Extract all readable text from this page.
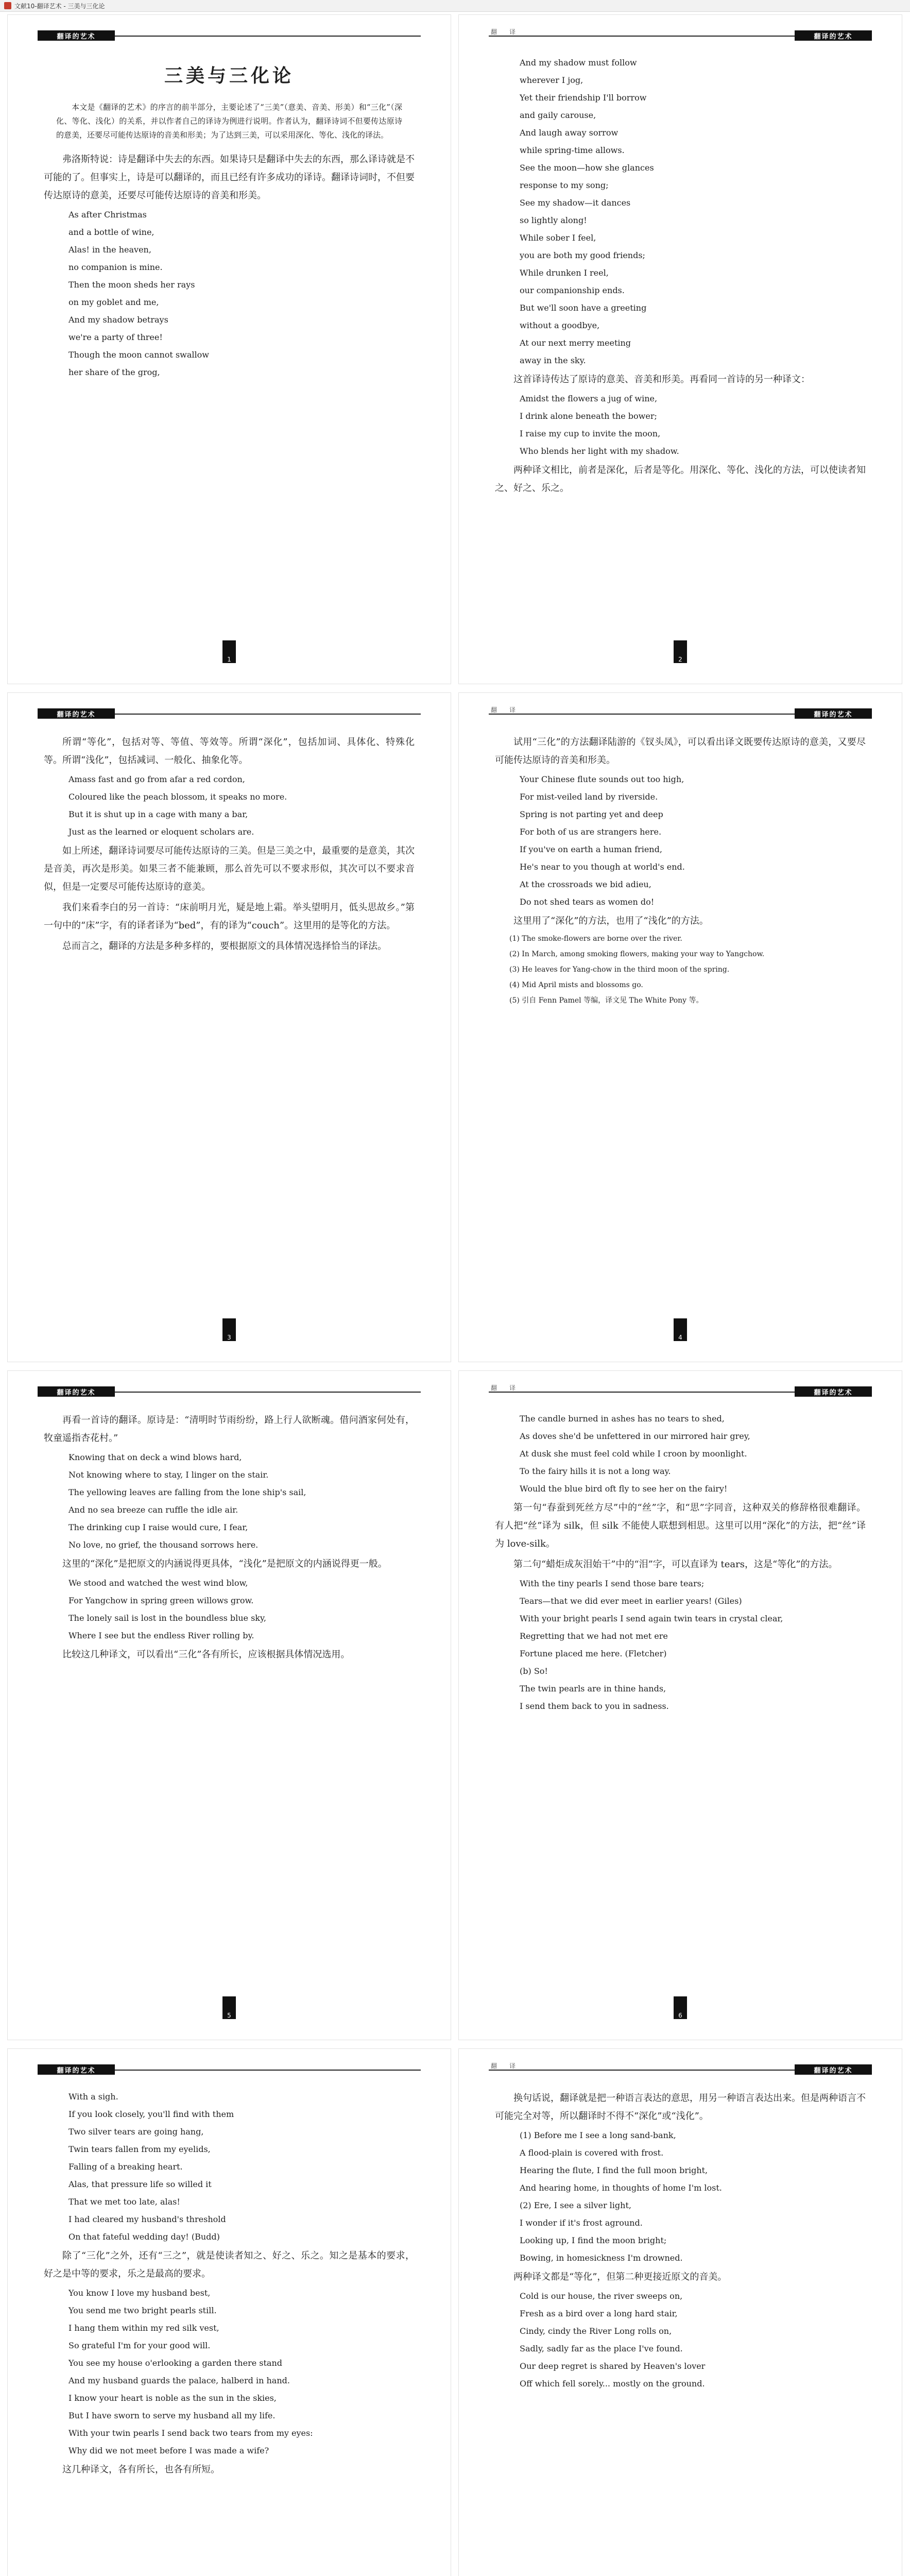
文献10-翻译艺术 - 三美与三化论
翻译的艺术
三美与三化论

本文是《翻译的艺术》的序言的前半部分，主要论述了“三美”（意美、音美、形美）和“三化”（深化、等化、浅化）的关系，并以作者自己的译诗为例进行说明。作者认为，翻译诗词不但要传达原诗的意美，还要尽可能传达原诗的音美和形美；为了达到三美，可以采用深化、等化、浅化的译法。

弗洛斯特说：诗是翻译中失去的东西。如果诗只是翻译中失去的东西，那么译诗就是不可能的了。但事实上，诗是可以翻译的，而且已经有许多成功的译诗。翻译诗词时，不但要传达原诗的意美，还要尽可能传达原诗的音美和形美。

As after Christmas

and a bottle of wine,

Alas! in the heaven,

no companion is mine.

Then the moon sheds her rays

on my goblet and me,

And my shadow betrays

we're a party of three!

Though the moon cannot swallow

her share of the grog,

1
翻译的艺术
翻　译

And my shadow must follow

wherever I jog,

Yet their friendship I'll borrow

and gaily carouse,

And laugh away sorrow

while spring-time allows.

See the moon—how she glances

response to my song;

See my shadow—it dances

so lightly along!

While sober I feel,

you are both my good friends;

While drunken I reel,

our companionship ends.

But we'll soon have a greeting

without a goodbye,

At our next merry meeting

away in the sky.

这首译诗传达了原诗的意美、音美和形美。再看同一首诗的另一种译文：

Amidst the flowers a jug of wine,

I drink alone beneath the bower;

I raise my cup to invite the moon,

Who blends her light with my shadow.

两种译文相比，前者是深化，后者是等化。用深化、等化、浅化的方法，可以使读者知之、好之、乐之。

2
翻译的艺术

所谓“等化”，包括对等、等值、等效等。所谓“深化”，包括加词、具体化、特殊化等。所谓“浅化”，包括减词、一般化、抽象化等。

Amass fast and go from afar a red cordon,

Coloured like the peach blossom, it speaks no more.

But it is shut up in a cage with many a bar,

Just as the learned or eloquent scholars are.

如上所述，翻译诗词要尽可能传达原诗的三美。但是三美之中，最重要的是意美，其次是音美，再次是形美。如果三者不能兼顾，那么首先可以不要求形似，其次可以不要求音似，但是一定要尽可能传达原诗的意美。

我们来看李白的另一首诗：“床前明月光，疑是地上霜。举头望明月，低头思故乡。”第一句中的“床”字，有的译者译为“bed”，有的译为“couch”。这里用的是等化的方法。

总而言之，翻译的方法是多种多样的，要根据原文的具体情况选择恰当的译法。

3
翻译的艺术
翻　译

试用“三化”的方法翻译陆游的《钗头凤》，可以看出译文既要传达原诗的意美，又要尽可能传达原诗的音美和形美。

Your Chinese flute sounds out too high,

For mist-veiled land by riverside.

Spring is not parting yet and deep

For both of us are strangers here.

If you've on earth a human friend,

He's near to you though at world's end.

At the crossroads we bid adieu,

Do not shed tears as women do!

这里用了“深化”的方法，也用了“浅化”的方法。

(1) The smoke-flowers are borne over the river.

(2) In March, among smoking flowers, making your way to Yangchow.

(3) He leaves for Yang-chow in the third moon of the spring.

(4) Mid April mists and blossoms go.

(5) 引自 Fenn Pamel 等编，译文见 The White Pony 等。

4
翻译的艺术

再看一首诗的翻译。原诗是：“清明时节雨纷纷，路上行人欲断魂。借问酒家何处有，牧童遥指杏花村。”

Knowing that on deck a wind blows hard,

Not knowing where to stay, I linger on the stair.

The yellowing leaves are falling from the lone ship's sail,

And no sea breeze can ruffle the idle air.

The drinking cup I raise would cure, I fear,

No love, no grief, the thousand sorrows here.

这里的“深化”是把原文的内涵说得更具体，“浅化”是把原文的内涵说得更一般。

We stood and watched the west wind blow,

For Yangchow in spring green willows grow.

The lonely sail is lost in the boundless blue sky,

Where I see but the endless River rolling by.

比较这几种译文，可以看出“三化”各有所长，应该根据具体情况选用。

5
翻译的艺术
翻　译

The candle burned in ashes has no tears to shed,

As doves she'd be unfettered in our mirrored hair grey,

At dusk she must feel cold while I croon by moonlight.

To the fairy hills it is not a long way.

Would the blue bird oft fly to see her on the fairy!

第一句“春蚕到死丝方尽”中的“丝”字，和“思”字同音，这种双关的修辞格很难翻译。有人把“丝”译为 silk，但 silk 不能使人联想到相思。这里可以用“深化”的方法，把“丝”译为 love-silk。

第二句“蜡炬成灰泪始干”中的“泪”字，可以直译为 tears，这是“等化”的方法。

With the tiny pearls I send those bare tears;

Tears—that we did ever meet in earlier years! (Giles)

With your bright pearls I send again twin tears in crystal clear,

Regretting that we had not met ere

Fortune placed me here. (Fletcher)

(b) So!

The twin pearls are in thine hands,

I send them back to you in sadness.

6
翻译的艺术

With a sigh.

If you look closely, you'll find with them

Two silver tears are going hang,

Twin tears fallen from my eyelids,

Falling of a breaking heart.

Alas, that pressure life so willed it

That we met too late, alas!

I had cleared my husband's threshold

On that fateful wedding day! (Budd)

除了“三化”之外，还有“三之”，就是使读者知之、好之、乐之。知之是基本的要求，好之是中等的要求，乐之是最高的要求。

You know I love my husband best,

You send me two bright pearls still.

I hang them within my red silk vest,

So grateful I'm for your good will.

You see my house o'erlooking a garden there stand

And my husband guards the palace, halberd in hand.

I know your heart is noble as the sun in the skies,

But I have sworn to serve my husband all my life.

With your twin pearls I send back two tears from my eyes:

Why did we not meet before I was made a wife?

这几种译文，各有所长，也各有所短。

翻译的艺术
翻　译

换句话说，翻译就是把一种语言表达的意思，用另一种语言表达出来。但是两种语言不可能完全对等，所以翻译时不得不“深化”或“浅化”。

(1) Before me I see a long sand-bank,

A flood-plain is covered with frost.

Hearing the flute, I find the full moon bright,

And hearing home, in thoughts of home I'm lost.

(2) Ere, I see a silver light,

I wonder if it's frost aground.

Looking up, I find the moon bright;

Bowing, in homesickness I'm drowned.

两种译文都是“等化”，但第二种更接近原文的音美。

Cold is our house, the river sweeps on,

Fresh as a bird over a long hard stair,

Cindy, cindy the River Long rolls on,

Sadly, sadly far as the place I've found.

Our deep regret is shared by Heaven's lover

Off which fell sorely... mostly on the ground.
